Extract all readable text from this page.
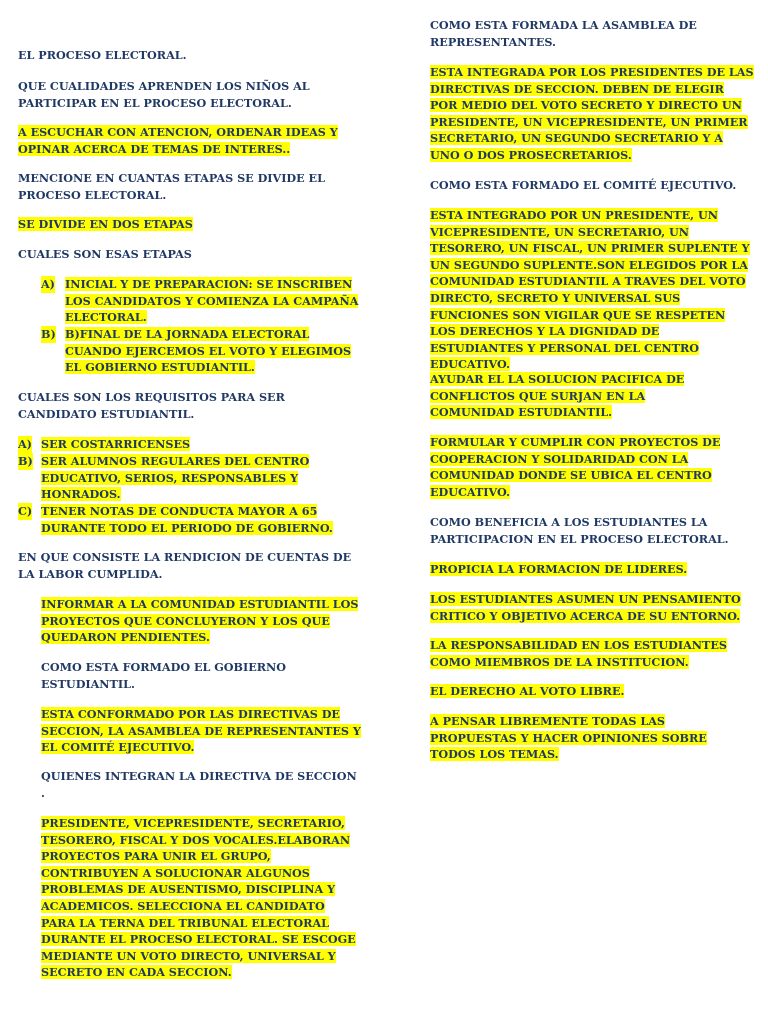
EL PROCESO ELECTORAL.

QUE CUALIDADES APRENDEN LOS NIÑOS AL PARTICIPAR EN EL PROCESO ELECTORAL.

A ESCUCHAR CON ATENCION, ORDENAR IDEAS Y OPINAR ACERCA DE TEMAS DE INTERES..

MENCIONE EN CUANTAS ETAPAS SE DIVIDE EL PROCESO ELECTORAL.

SE DIVIDE EN DOS ETAPAS

CUALES SON ESAS ETAPAS

A) INICIAL Y DE PREPARACION: SE INSCRIBEN LOS CANDIDATOS Y COMIENZA LA CAMPAÑA ELECTORAL.
B) B)FINAL DE LA JORNADA ELECTORAL CUANDO EJERCEMOS EL VOTO Y ELEGIMOS EL GOBIERNO ESTUDIANTIL.

CUALES SON LOS REQUISITOS PARA SER CANDIDATO ESTUDIANTIL.

A) SER COSTARRICENSES
B) SER ALUMNOS REGULARES DEL CENTRO EDUCATIVO, SERIOS, RESPONSABLES Y HONRADOS.
C) TENER NOTAS DE CONDUCTA MAYOR A 65 DURANTE TODO EL PERIODO DE GOBIERNO.

EN QUE CONSISTE LA RENDICION DE CUENTAS DE LA LABOR CUMPLIDA.

INFORMAR A LA COMUNIDAD ESTUDIANTIL LOS PROYECTOS QUE CONCLUYERON Y LOS QUE QUEDARON PENDIENTES.

COMO ESTA FORMADO EL GOBIERNO ESTUDIANTIL.

ESTA CONFORMADO POR LAS DIRECTIVAS DE SECCION, LA ASAMBLEA DE REPRESENTANTES Y EL COMITÉ EJECUTIVO.

QUIENES INTEGRAN LA DIRECTIVA DE SECCION .

PRESIDENTE, VICEPRESIDENTE, SECRETARIO, TESORERO, FISCAL Y DOS VOCALES.ELABORAN PROYECTOS PARA UNIR EL GRUPO, CONTRIBUYEN A SOLUCIONAR ALGUNOS PROBLEMAS DE AUSENTISMO, DISCIPLINA Y ACADEMICOS. SELECCIONA EL CANDIDATO PARA LA TERNA DEL TRIBUNAL ELECTORAL DURANTE EL PROCESO ELECTORAL. SE ESCOGE MEDIANTE UN VOTO DIRECTO, UNIVERSAL Y SECRETO EN CADA SECCION.

COMO ESTA FORMADA LA ASAMBLEA DE REPRESENTANTES.

ESTA INTEGRADA POR LOS PRESIDENTES DE LAS DIRECTIVAS DE SECCION. DEBEN DE ELEGIR POR MEDIO DEL VOTO SECRETO Y DIRECTO UN PRESIDENTE, UN VICEPRESIDENTE, UN PRIMER SECRETARIO, UN SEGUNDO SECRETARIO Y A UNO O DOS PROSECRETARIOS.

COMO ESTA FORMADO EL COMITÉ EJECUTIVO.

ESTA INTEGRADO POR UN PRESIDENTE, UN VICEPRESIDENTE, UN SECRETARIO, UN TESORERO, UN FISCAL, UN PRIMER SUPLENTE Y UN SEGUNDO SUPLENTE.SON ELEGIDOS POR LA COMUNIDAD ESTUDIANTIL A TRAVES DEL VOTO DIRECTO, SECRETO Y UNIVERSAL SUS FUNCIONES SON VIGILAR QUE SE RESPETEN LOS DERECHOS Y LA DIGNIDAD DE ESTUDIANTES Y PERSONAL DEL CENTRO EDUCATIVO.

AYUDAR EL LA SOLUCION PACIFICA DE CONFLICTOS QUE SURJAN EN LA COMUNIDAD ESTUDIANTIL.

FORMULAR Y CUMPLIR CON PROYECTOS DE COOPERACION Y SOLIDARIDAD CON LA COMUNIDAD DONDE SE UBICA EL CENTRO EDUCATIVO.

COMO BENEFICIA A LOS ESTUDIANTES LA PARTICIPACION EN EL PROCESO ELECTORAL.

PROPICIA LA FORMACION DE LIDERES.

LOS ESTUDIANTES ASUMEN UN PENSAMIENTO CRITICO Y OBJETIVO ACERCA DE SU ENTORNO.

LA RESPONSABILIDAD EN LOS ESTUDIANTES COMO MIEMBROS DE LA INSTITUCION.

EL DERECHO AL VOTO LIBRE.

A PENSAR LIBREMENTE TODAS LAS PROPUESTAS Y HACER OPINIONES SOBRE TODOS LOS TEMAS.
